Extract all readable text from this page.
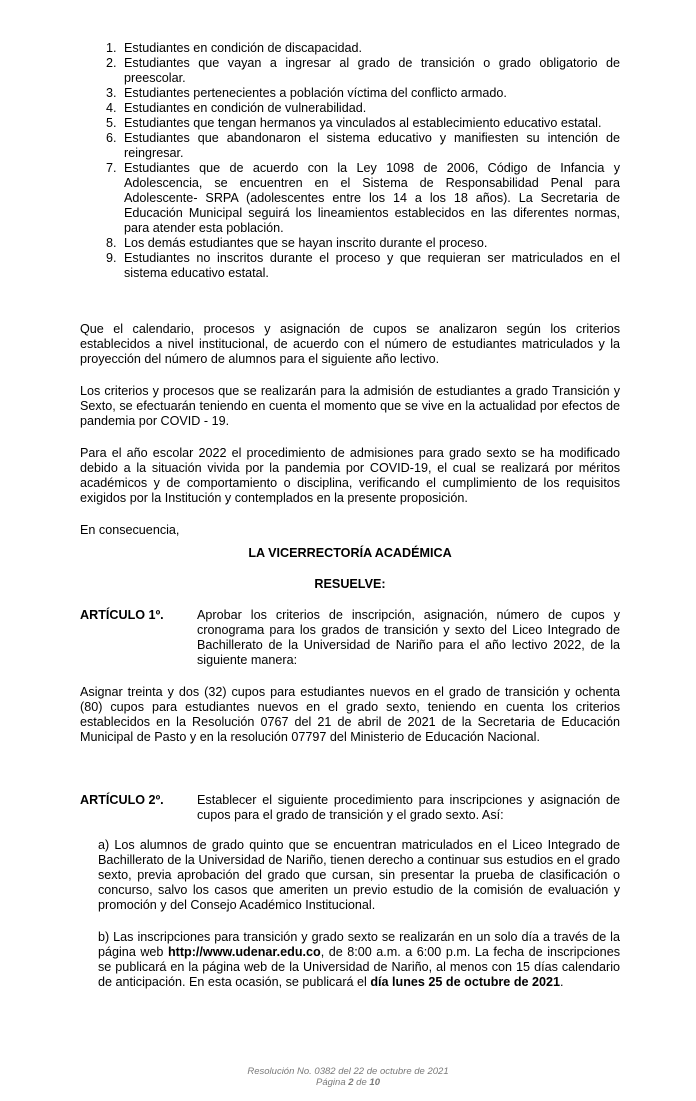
1. Estudiantes en condición de discapacidad.
2. Estudiantes que vayan a ingresar al grado de transición o grado obligatorio de preescolar.
3. Estudiantes pertenecientes a población víctima del conflicto armado.
4. Estudiantes en condición de vulnerabilidad.
5. Estudiantes que tengan hermanos ya vinculados al establecimiento educativo estatal.
6. Estudiantes que abandonaron el sistema educativo y manifiesten su intención de reingresar.
7. Estudiantes que de acuerdo con la Ley 1098 de 2006, Código de Infancia y Adolescencia, se encuentren en el Sistema de Responsabilidad Penal para Adolescente- SRPA (adolescentes entre los 14 a los 18 años). La Secretaria de Educación Municipal seguirá los lineamientos establecidos en las diferentes normas, para atender esta población.
8. Los demás estudiantes que se hayan inscrito durante el proceso.
9. Estudiantes no inscritos durante el proceso y que requieran ser matriculados en el sistema educativo estatal.
Que el calendario, procesos y asignación de cupos se analizaron según los criterios establecidos a nivel institucional, de acuerdo con el número de estudiantes matriculados y la proyección del número de alumnos para el siguiente año lectivo.
Los criterios y procesos que se realizarán para la admisión de estudiantes a grado Transición y Sexto, se efectuarán teniendo en cuenta el momento que se vive en la actualidad por efectos de pandemia por COVID - 19.
Para el año escolar 2022 el procedimiento de admisiones para grado sexto se ha modificado debido a la situación vivida por la pandemia por COVID-19, el cual se realizará por méritos académicos y de comportamiento o disciplina, verificando el cumplimiento de los requisitos exigidos por la Institución y contemplados en la presente proposición.
En consecuencia,
LA VICERRECTORÍA ACADÉMICA
RESUELVE:
ARTÍCULO 1º.	Aprobar los criterios de inscripción, asignación, número de cupos y cronograma para los grados de transición y sexto del Liceo Integrado de Bachillerato de la Universidad de Nariño para el año lectivo 2022, de la siguiente manera:
Asignar treinta y dos (32) cupos para estudiantes nuevos en el grado de transición y ochenta (80) cupos para estudiantes nuevos en el grado sexto, teniendo en cuenta los criterios establecidos en la Resolución 0767 del 21 de abril de 2021 de la Secretaria de Educación Municipal de Pasto y en la resolución 07797 del Ministerio de Educación Nacional.
ARTÍCULO 2º.	Establecer el siguiente procedimiento para inscripciones y asignación de cupos para el grado de transición y el grado sexto. Así:
a) Los alumnos de grado quinto que se encuentran matriculados en el Liceo Integrado de Bachillerato de la Universidad de Nariño, tienen derecho a continuar sus estudios en el grado sexto, previa aprobación del grado que cursan, sin presentar la prueba de clasificación o concurso, salvo los casos que ameriten un previo estudio de la comisión de evaluación y promoción y del Consejo Académico Institucional.
b) Las inscripciones para transición y grado sexto se realizarán en un solo día a través de la página web http://www.udenar.edu.co, de 8:00 a.m. a 6:00 p.m. La fecha de inscripciones se publicará en la página web de la Universidad de Nariño, al menos con 15 días calendario de anticipación. En esta ocasión, se publicará el día lunes 25 de octubre de 2021.
Resolución No. 0382 del 22 de octubre de 2021
Página 2 de 10
